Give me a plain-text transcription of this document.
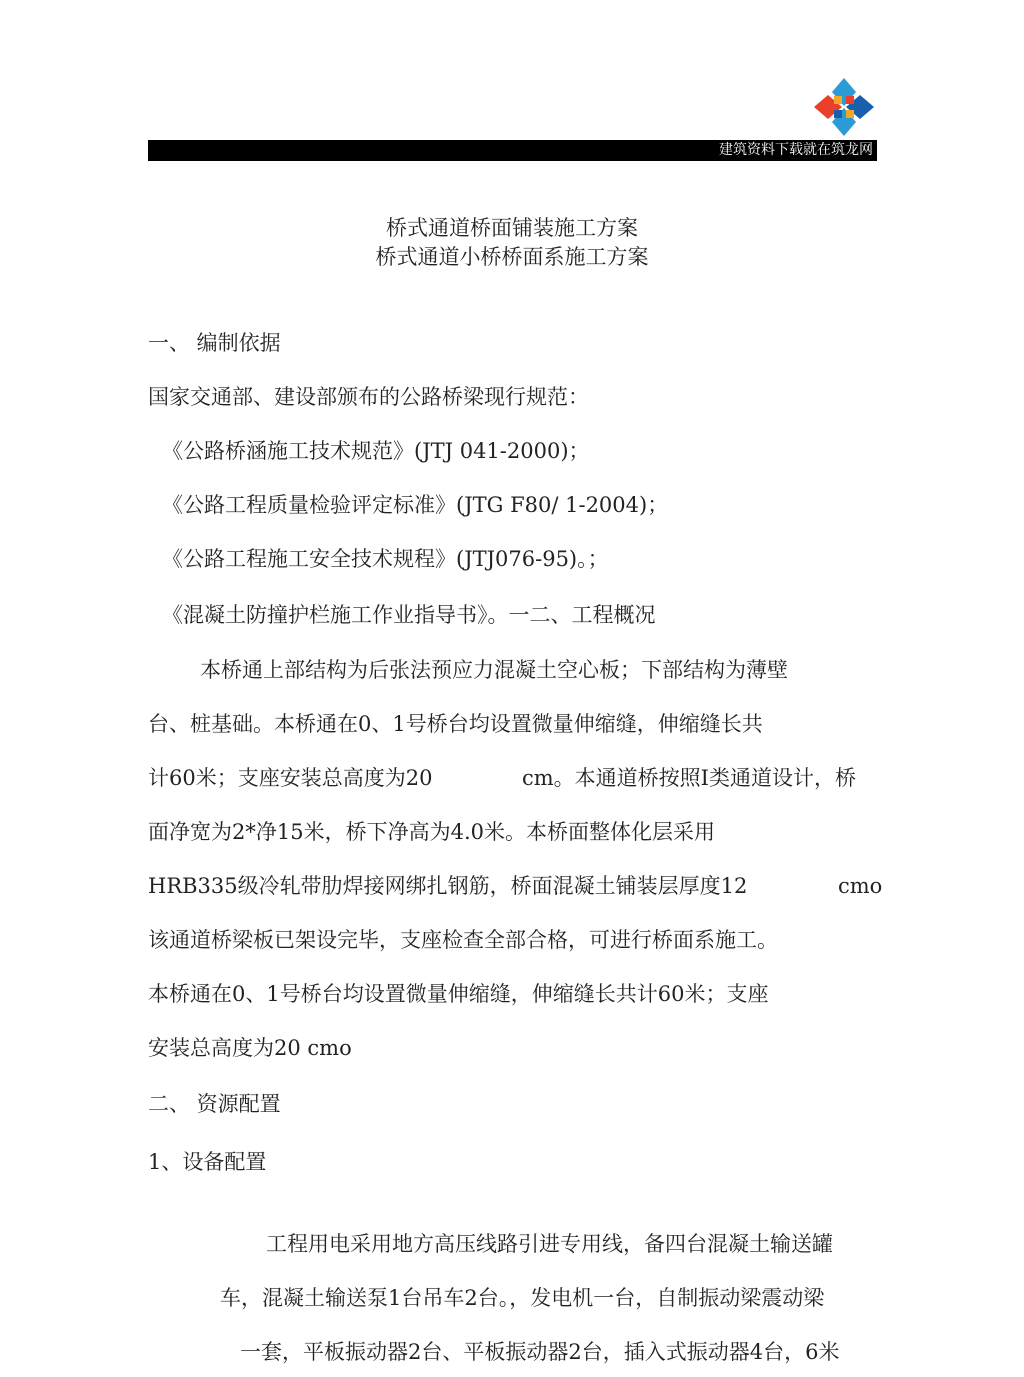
建筑资料下载就在筑龙网
桥式通道桥面铺装施工方案
桥式通道小桥桥面系施工方案
一、 编制依据
国家交通部、建设部颁布的公路桥梁现行规范：
《公路桥涵施工技术规范》(JTJ 041-2000)；
《公路工程质量检验评定标准》(JTG F80/ 1-2004)；
《公路工程施工安全技术规程》(JTJ076-95)。；
《混凝土防撞护栏施工作业指导书》。一二、工程概况
本桥通上部结构为后张法预应力混凝土空心板；下部结构为薄壁
台、桩基础。本桥通在0、1号桥台均设置微量伸缩缝，伸缩缝长共
计60米；支座安装总高度为20	cm。本通道桥按照I类通道设计，桥
面净宽为2*净15米，桥下净高为4.0米。本桥面整体化层采用
HRB335级冷轧带肋焊接网绑扎钢筋，桥面混凝土铺装层厚度12	cmo
该通道桥梁板已架设完毕，支座检查全部合格，可进行桥面系施工。
本桥通在0、1号桥台均设置微量伸缩缝，伸缩缝长共计60米；支座
安装总高度为20 cmo
二、 资源配置
1、设备配置
工程用电采用地方高压线路引进专用线，备四台混凝土输送罐
车，混凝土输送泵1台吊车2台。，发电机一台，自制振动梁震动梁
一套，平板振动器2台、平板振动器2台，插入式振动器4台，6米
